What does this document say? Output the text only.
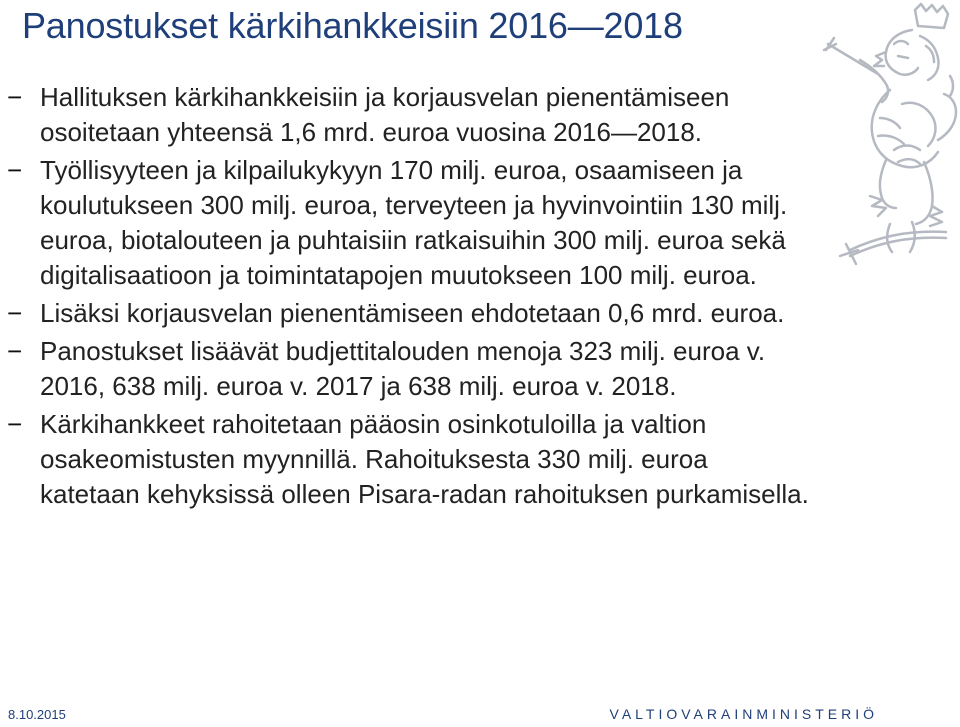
Panostukset kärkihankkeisiin 2016—2018
− Hallituksen kärkihankkeisiin ja korjausvelan pienentämiseen osoitetaan yhteensä 1,6 mrd. euroa vuosina 2016—2018.
− Työllisyyteen ja kilpailukykyyn 170 milj. euroa, osaamiseen ja koulutukseen 300 milj. euroa, terveyteen ja hyvinvointiin 130 milj. euroa, biotalouteen ja puhtaisiin ratkaisuihin 300 milj. euroa sekä digitalisaatioon ja toimintatapojen muutokseen 100 milj. euroa.
− Lisäksi korjausvelan pienentämiseen ehdotetaan 0,6 mrd. euroa.
− Panostukset lisäävät budjettitalouden menoja 323 milj. euroa v. 2016, 638 milj. euroa v. 2017 ja 638 milj. euroa v. 2018.
− Kärkihankkeet rahoitetaan pääosin osinkotuloilla ja valtion osakeomistusten myynnillä. Rahoituksesta 330 milj. euroa katetaan kehyksissä olleen Pisara-radan rahoituksen purkamisella.
8.10.2015	VALTIOVARAINMINISTERIÖ
